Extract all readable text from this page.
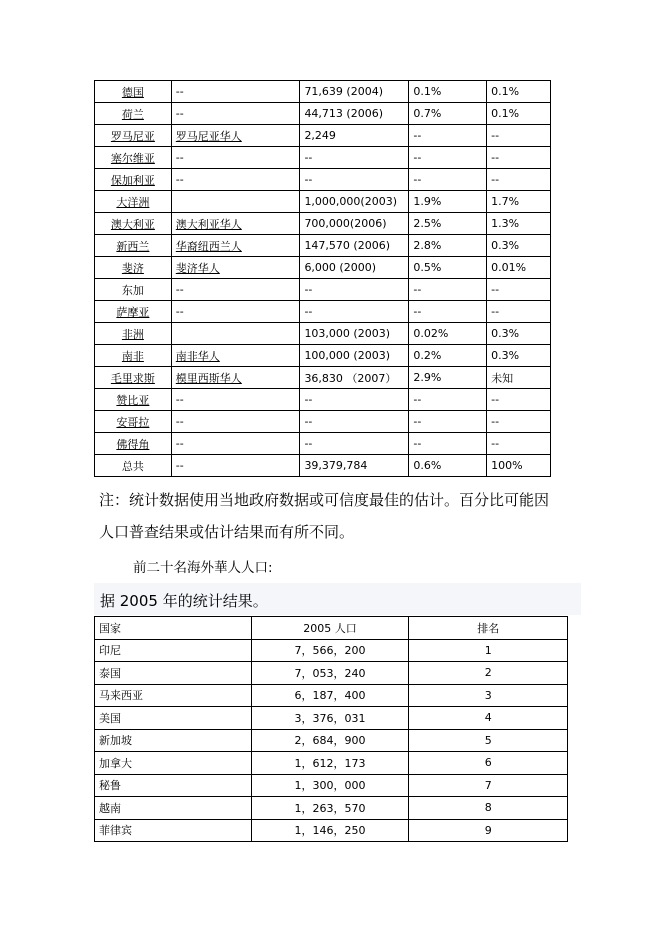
德国	--	71,639 (2004)	0.1%	0.1%
荷兰	--	44,713 (2006)	0.7%	0.1%
罗马尼亚	罗马尼亚华人	2,249	--	--
塞尔维亚	--	--	--	--
保加利亚	--	--	--	--
大洋洲		1,000,000(2003)	1.9%	1.7%
澳大利亚	澳大利亚华人	700,000(2006)	2.5%	1.3%
新西兰	华裔纽西兰人	147,570 (2006)	2.8%	0.3%
斐济	斐济华人	6,000 (2000)	0.5%	0.01%
东加	--	--	--	--
萨摩亚	--	--	--	--
非洲		103,000 (2003)	0.02%	0.3%
南非	南非华人	100,000 (2003)	0.2%	0.3%
毛里求斯	模里西斯华人	36,830 （2007）	2.9%	未知
赞比亚	--	--	--	--
安哥拉	--	--	--	--
佛得角	--	--	--	--
总共	--	39,379,784	0.6%	100%
注：统计数据使用当地政府数据或可信度最佳的估计。百分比可能因
人口普查结果或估计结果而有所不同。
前二十名海外華人人口:
据 2005 年的统计结果。
国家	2005 人口	排名
印尼	7，566，200	1
泰国	7，053，240	2
马来西亚	6，187，400	3
美国	3，376，031	4
新加坡	2，684，900	5
加拿大	1，612，173	6
秘鲁	1，300，000	7
越南	1，263，570	8
菲律宾	1，146，250	9
